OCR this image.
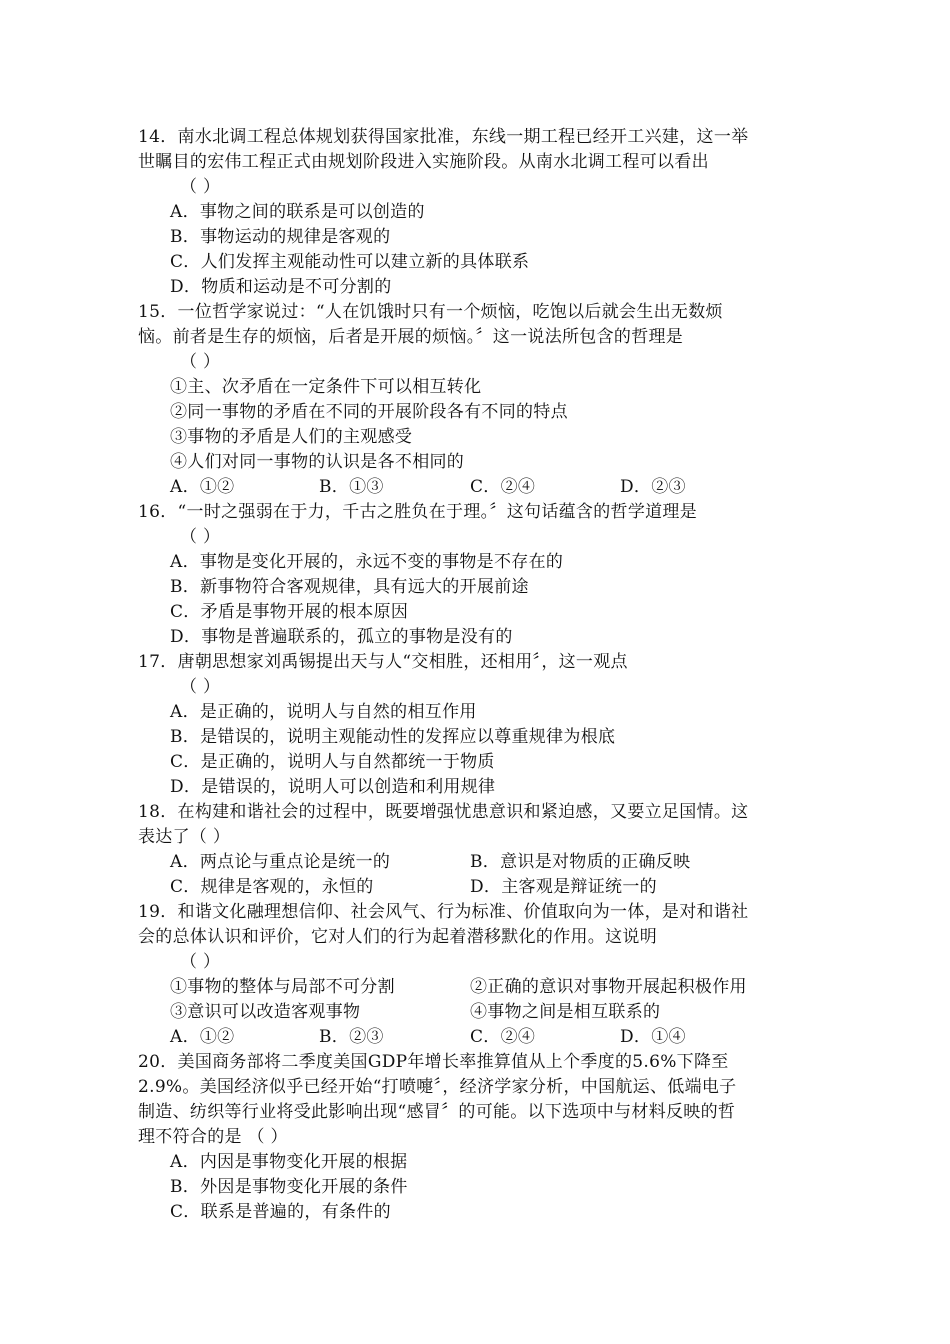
14．南水北调工程总体规划获得国家批准，东线一期工程已经开工兴建，这一举
世瞩目的宏伟工程正式由规划阶段进入实施阶段。从南水北调工程可以看出
（ ）
A．事物之间的联系是可以创造的
B．事物运动的规律是客观的
C．人们发挥主观能动性可以建立新的具体联系
D．物质和运动是不可分割的
15．一位哲学家说过：“人在饥饿时只有一个烦恼，吃饱以后就会生出无数烦
恼。前者是生存的烦恼，后者是开展的烦恼。〞这一说法所包含的哲理是
（ ）
①主、次矛盾在一定条件下可以相互转化
②同一事物的矛盾在不同的开展阶段各有不同的特点
③事物的矛盾是人们的主观感受
④人们对同一事物的认识是各不相同的
A．①②	B．①③	C．②④	D．②③
16．“一时之强弱在于力，千古之胜负在于理。〞这句话蕴含的哲学道理是
（ ）
A．事物是变化开展的，永远不变的事物是不存在的
B．新事物符合客观规律，具有远大的开展前途
C．矛盾是事物开展的根本原因
D．事物是普遍联系的，孤立的事物是没有的
17．唐朝思想家刘禹锡提出天与人“交相胜，还相用〞，这一观点
（ ）
A．是正确的，说明人与自然的相互作用
B．是错误的，说明主观能动性的发挥应以尊重规律为根底
C．是正确的，说明人与自然都统一于物质
D．是错误的，说明人可以创造和利用规律
18．在构建和谐社会的过程中，既要增强忧患意识和紧迫感，又要立足国情。这
表达了（ ）
A．两点论与重点论是统一的	B．意识是对物质的正确反映
C．规律是客观的，永恒的	D．主客观是辩证统一的
19．和谐文化融理想信仰、社会风气、行为标准、价值取向为一体，是对和谐社
会的总体认识和评价，它对人们的行为起着潜移默化的作用。这说明
（ ）
①事物的整体与局部不可分割	②正确的意识对事物开展起积极作用
③意识可以改造客观事物	④事物之间是相互联系的
A．①②	B．②③	C．②④	D．①④
20．美国商务部将二季度美国GDP年增长率推算值从上个季度的5.6%下降至
2.9%。美国经济似乎已经开始“打喷嚏〞，经济学家分析，中国航运、低端电子
制造、纺织等行业将受此影响出现“感冒〞的可能。以下选项中与材料反映的哲
理不符合的是 （ ）
A．内因是事物变化开展的根据
B．外因是事物变化开展的条件
C．联系是普遍的，有条件的
